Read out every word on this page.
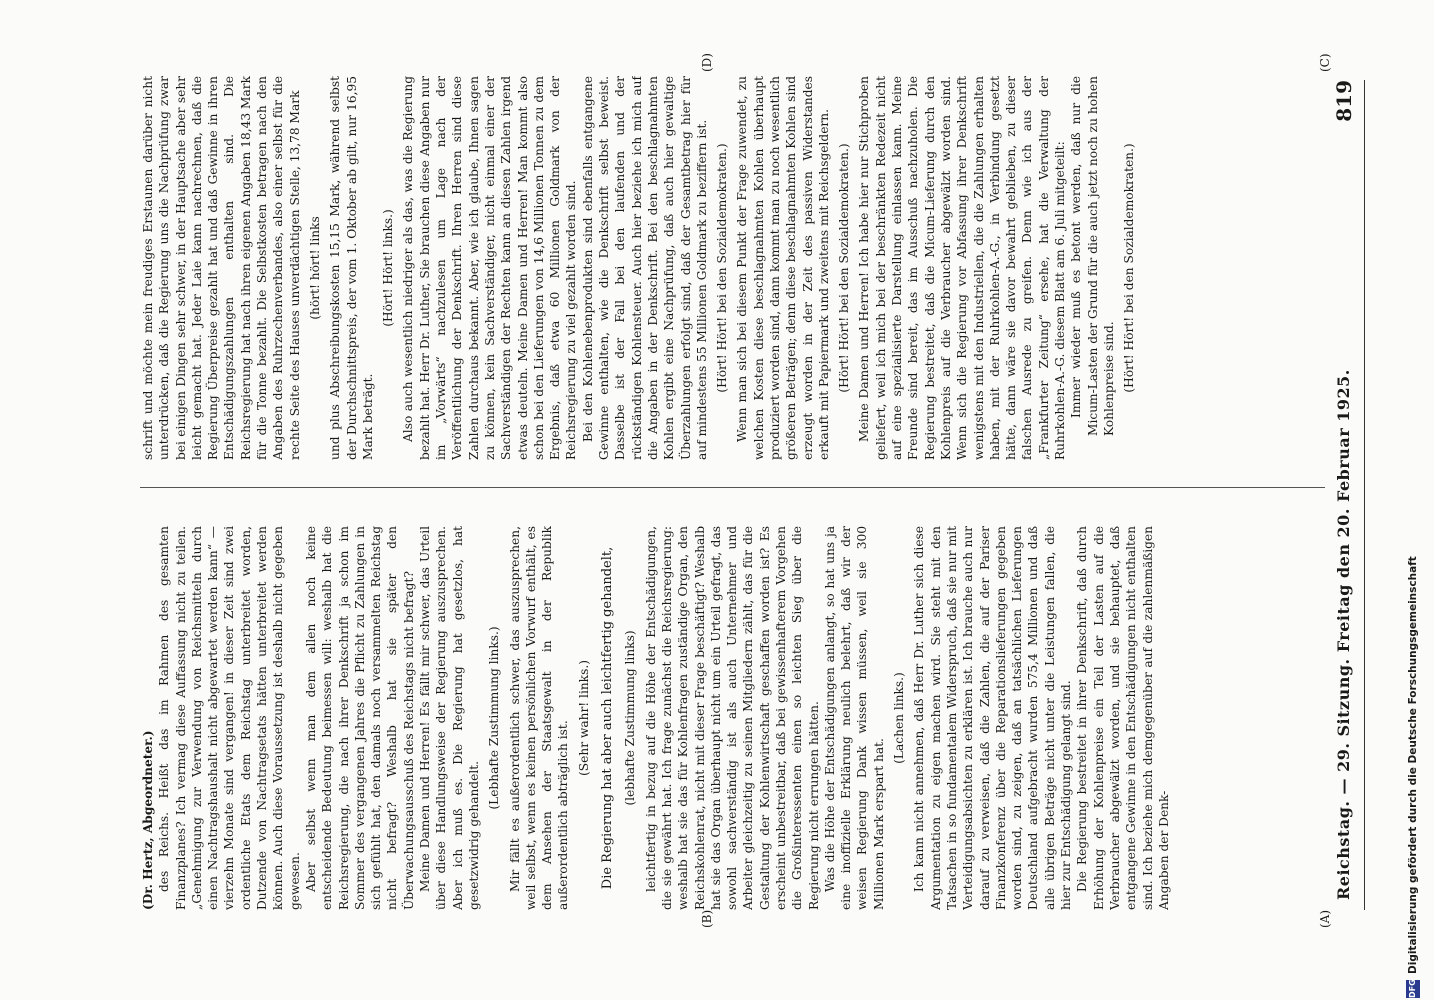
Reichstag. — 29. Sitzung. Freitag den 20. Februar 1925.
819
(A)
(B)
(C)
(D)

(Dr. Hertz, Abgeordneter.) des Reichs. Heißt das im Rahmen des gesamten Finanzplanes? Ich vermag diese Auffassung nicht zu teilen. „Genehmigung zur Verwendung von Reichsmitteln durch einen Nachtragshaushalt nicht abgewartet werden kann“ — vierzehn Monate sind vergangen! in dieser Zeit sind zwei ordentliche Etats dem Reichstag unterbreitet worden, Dutzende von Nachtragsetats hätten unterbreitet werden können. Auch diese Voraussetzung ist deshalb nicht gegeben gewesen. Aber selbst wenn man dem allen noch keine entscheidende Bedeutung beimessen will: weshalb hat die Reichsregierung, die nach ihrer Denkschrift ja schon im Sommer des vergangenen Jahres die Pflicht zu Zahlungen in sich gefühlt hat, den damals noch versammelten Reichstag nicht befragt? Weshalb hat sie später den Überwachungsausschuß des Reichstags nicht befragt? Meine Damen und Herren! Es fällt mir schwer, das Urteil über diese Handlungsweise der Regierung auszusprechen. Aber ich muß es. Die Regierung hat gesetzlos, hat gesetzwidrig gehandelt.

(Lebhafte Zustimmung links.) Mir fällt es außerordentlich schwer, das auszusprechen, weil selbst, wenn es keinen persönlichen Vorwurf enthält, es dem Ansehen der Staatsgewalt in der Republik außerordentlich abträglich ist.

(Sehr wahr! links.) Die Regierung hat aber auch leichtfertig gehandelt, (lebhafte Zustimmung links) leichtfertig in bezug auf die Höhe der Entschädigungen, die sie gewährt hat. Ich frage zunächst die Reichsregierung: weshalb hat sie das für Kohlenfragen zuständige Organ, den Reichskohlenrat, nicht mit dieser Frage beschäftigt? Weshalb hat sie das Organ überhaupt nicht um ein Urteil gefragt, das sowohl sachverständig ist als auch Unternehmer und Arbeiter gleichzeitig zu seinen Mitgliedern zählt, das für die Gestaltung der Kohlenwirtschaft geschaffen worden ist? Es erscheint unbestreitbar, daß bei gewissenhafterem Vorgehen die Großinteressenten einen so leichten Sieg über die Regierung nicht errungen hätten. Was die Höhe der Entschädigungen anlangt, so hat uns ja eine inoffizielle Erklärung neulich belehrt, daß wir der weisen Regierung Dank wissen müssen, weil sie 300 Millionen Mark erspart hat.

(Lachen links.) Ich kann nicht annehmen, daß Herr Dr. Luther sich diese Argumentation zu eigen machen wird. Sie steht mit den Tatsachen in so fundamentalem Widerspruch, daß sie nur mit Verteidigungsabsichten zu erklären ist. Ich brauche auch nur darauf zu verweisen, daß die Zahlen, die auf der Pariser Finanzkonferenz über die Reparationslieferungen gegeben worden sind, zu zeigen, daß an tatsächlichen Lieferungen Deutschland aufgebracht wurden 575,4 Millionen und daß alle übrigen Beträge nicht unter die Leistungen fallen, die hier zur Entschädigung gelangt sind. Die Regierung bestreitet in ihrer Denkschrift, daß durch Erhöhung der Kohlenpreise ein Teil der Lasten auf die Verbraucher abgewälzt worden, und sie behauptet, daß entgangene Gewinne in den Entschädigungen nicht enthalten sind. Ich beziehe mich demgegenüber auf die zahlenmäßigen Angaben der Denk-

schrift und möchte mein freudiges Erstaunen darüber nicht unterdrücken, daß die Regierung uns die Nachprüfung zwar bei einigen Dingen sehr schwer, in der Hauptsache aber sehr leicht gemacht hat. Jeder Laie kann nachrechnen, daß die Regierung Überpreise gezahlt hat und daß Gewinne in ihren Entschädigungszahlungen enthalten sind. Die Reichsregierung hat nach ihren eigenen Angaben 18,43 Mark für die Tonne bezahlt. Die Selbstkosten betragen nach den Angaben des Ruhrzechenverbandes, also einer selbst für die rechte Seite des Hauses unverdächtigen Stelle, 13,78 Mark (hört! hört! links und plus Abschreibungskosten 15,15 Mark, während selbst der Durchschnittspreis, der vom 1. Oktober ab gilt, nur 16,95 Mark beträgt.

(Hört! Hört! links.) Also auch wesentlich niedriger als das, was die Regierung bezahlt hat. Herr Dr. Luther, Sie brauchen diese Angaben nur im „Vorwärts“ nachzulesen um Lage nach der Veröffentlichung der Denkschrift. Ihren Herren sind diese Zahlen durchaus bekannt. Aber, wie ich glaube, Ihnen sagen zu können, kein Sachverständiger, nicht einmal einer der Sachverständigen der Rechten kann an diesen Zahlen irgend etwas deuteln. Meine Damen und Herren! Man kommt also schon bei den Lieferungen von 14,6 Millionen Tonnen zu dem Ergebnis, daß etwa 60 Millionen Goldmark von der Reichsregierung zu viel gezahlt worden sind. Bei den Kohlenebenprodukten sind ebenfalls entgangene Gewinne enthalten, wie die Denkschrift selbst beweist. Dasselbe ist der Fall bei den laufenden und der rückständigen Kohlensteuer. Auch hier beziehe ich mich auf die Angaben in der Denkschrift. Bei den beschlagnahmten Kohlen ergibt eine Nachprüfung, daß auch hier gewaltige Überzahlungen erfolgt sind, daß der Gesamtbetrag hier für auf mindestens 55 Millionen Goldmark zu beziffern ist. (Hört! Hört! bei den Sozialdemokraten.) Wenn man sich bei diesem Punkt der Frage zuwendet, zu welchen Kosten diese beschlagnahmten Kohlen überhaupt produziert worden sind, dann kommt man zu noch wesentlich größeren Beträgen; denn diese beschlagnahmten Kohlen sind erzeugt worden in der Zeit des passiven Widerstandes erkauft mit Papiermark und zweitens mit Reichsgeldern. (Hört! Hört! bei den Sozialdemokraten.) Meine Damen und Herren! Ich habe hier nur Stichproben geliefert, weil ich mich bei der beschränkten Redezeit nicht auf eine spezialisierte Darstellung einlassen kann. Meine Freunde sind bereit, das im Ausschuß nachzuholen. Die Regierung bestreitet, daß die Micum-Lieferung durch den Kohlenpreis auf die Verbraucher abgewälzt worden sind. Wenn sich die Regierung vor Abfassung ihrer Denkschrift wenigstens mit den Industriellen, die die Zahlungen erhalten haben, mit der Ruhrkohlen-A.-G., in Verbindung gesetzt hätte, dann wäre sie davor bewahrt geblieben, zu dieser falschen Ausrede zu greifen. Denn wie ich aus der „Frankfurter Zeitung“ ersehe, hat die Verwaltung der Ruhrkohlen-A.-G. diesem Blatt am 6. Juli mitgeteilt: Immer wieder muß es betont werden, daß nur die Micum-Lasten der Grund für die auch jetzt noch zu hohen Kohlenpreise sind. (Hört! Hört! bei den Sozialdemokraten.)

DFG
Digitalisierung gefördert durch die Deutsche Forschungsgemeinschaft
